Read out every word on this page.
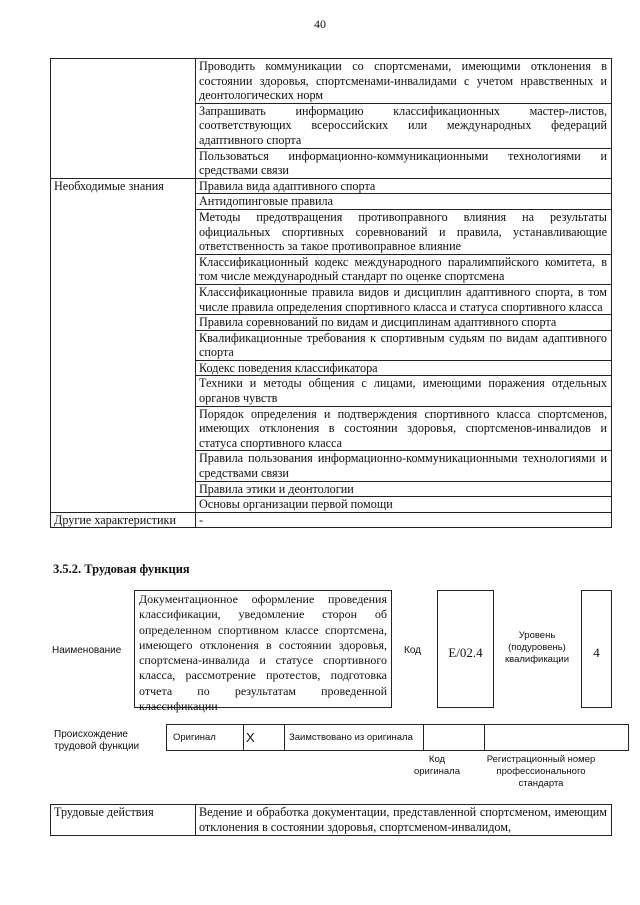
40
	Проводить коммуникации со спортсменами, имеющими отклонения в состоянии здоровья, спортсменами-инвалидами с учетом нравственных и деонтологических норм
	Запрашивать информацию классификационных мастер-листов, соответствующих всероссийских или международных федераций адаптивного спорта
	Пользоваться информационно-коммуникационными технологиями и средствами связи
Необходимые знания	Правила вида адаптивного спорта
	Антидопинговые правила
	Методы предотвращения противоправного влияния на результаты официальных спортивных соревнований и правила, устанавливающие ответственность за такое противоправное влияние
	Классификационный кодекс международного паралимпийского комитета, в том числе международный стандарт по оценке спортсмена
	Классификационные правила видов и дисциплин адаптивного спорта, в том числе правила определения спортивного класса и статуса спортивного класса
	Правила соревнований по видам и дисциплинам адаптивного спорта
	Квалификационные требования к спортивным судьям по видам адаптивного спорта
	Кодекс поведения классификатора
	Техники и методы общения с лицами, имеющими поражения отдельных органов чувств
	Порядок определения и подтверждения спортивного класса спортсменов, имеющих отклонения в состоянии здоровья, спортсменов-инвалидов и статуса спортивного класса
	Правила пользования информационно-коммуникационными технологиями и средствами связи
	Правила этики и деонтологии
	Основы организации первой помощи
Другие характеристики	-
3.5.2. Трудовая функция
Наименование
Документационное оформление проведения классификации, уведомление сторон об определенном спортивном классе спортсмена, имеющего отклонения в состоянии здоровья, спортсмена-инвалида и статусе спортивного класса, рассмотрение протестов, подготовка отчета по результатам проведенной классификации
Код	E/02.4
Уровень (подуровень) квалификации	4
Происхождение трудовой функции
Оригинал	X	Заимствовано из оригинала		
Код оригинала
Регистрационный номер профессионального стандарта
Трудовые действия	Ведение и обработка документации, представленной спортсменом, имеющим отклонения в состоянии здоровья, спортсменом-инвалидом,
